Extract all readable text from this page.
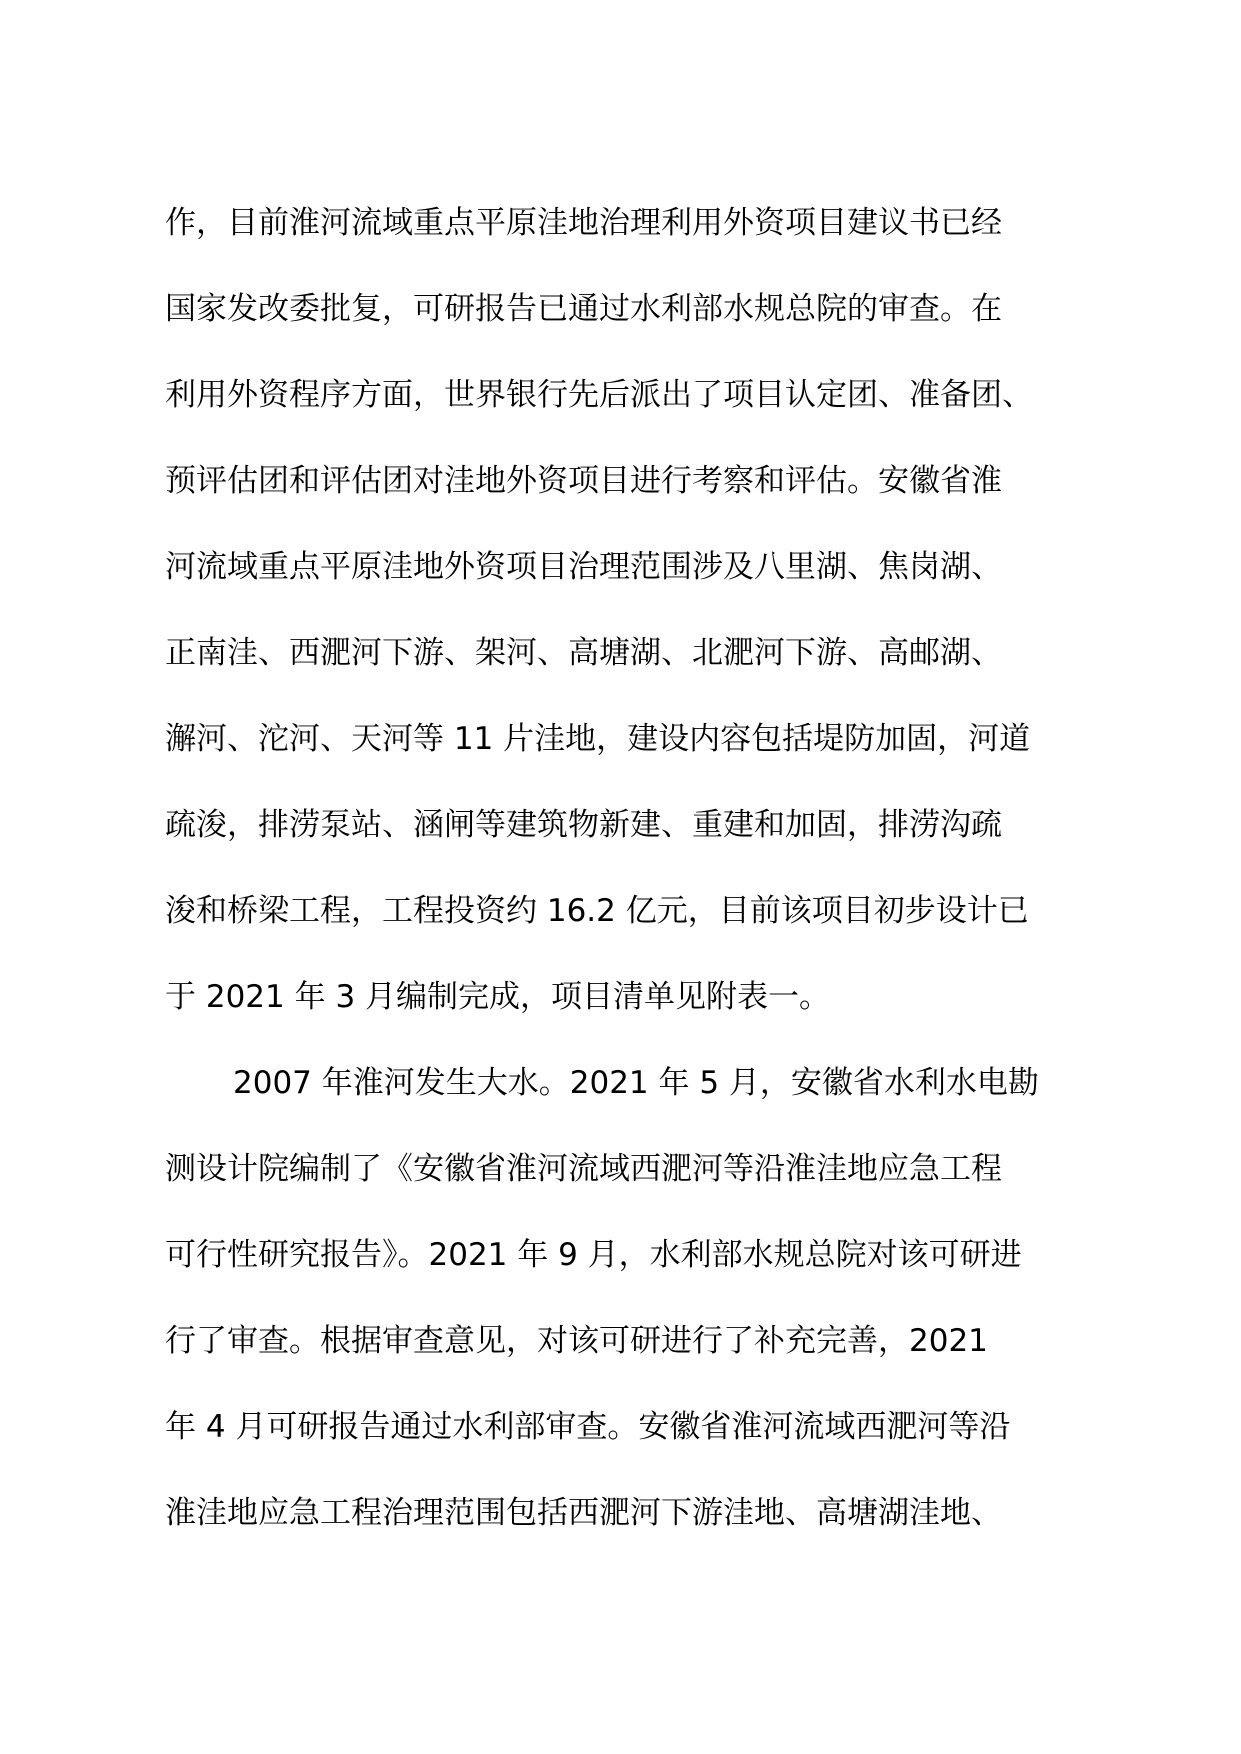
作，目前淮河流域重点平原洼地治理利用外资项目建议书已经
国家发改委批复，可研报告已通过水利部水规总院的审查。在
利用外资程序方面，世界银行先后派出了项目认定团、准备团、
预评估团和评估团对洼地外资项目进行考察和评估。安徽省淮
河流域重点平原洼地外资项目治理范围涉及八里湖、焦岗湖、
正南洼、西淝河下游、架河、高塘湖、北淝河下游、高邮湖、
澥河、沱河、天河等 11 片洼地，建设内容包括堤防加固，河道
疏浚，排涝泵站、涵闸等建筑物新建、重建和加固，排涝沟疏
浚和桥梁工程，工程投资约 16.2 亿元，目前该项目初步设计已
于 2021 年 3 月编制完成，项目清单见附表一。
2007 年淮河发生大水。2021 年 5 月，安徽省水利水电勘
测设计院编制了《安徽省淮河流域西淝河等沿淮洼地应急工程
可行性研究报告》。2021 年 9 月，水利部水规总院对该可研进
行了审查。根据审查意见，对该可研进行了补充完善，2021
年 4 月可研报告通过水利部审查。安徽省淮河流域西淝河等沿
淮洼地应急工程治理范围包括西淝河下游洼地、高塘湖洼地、
